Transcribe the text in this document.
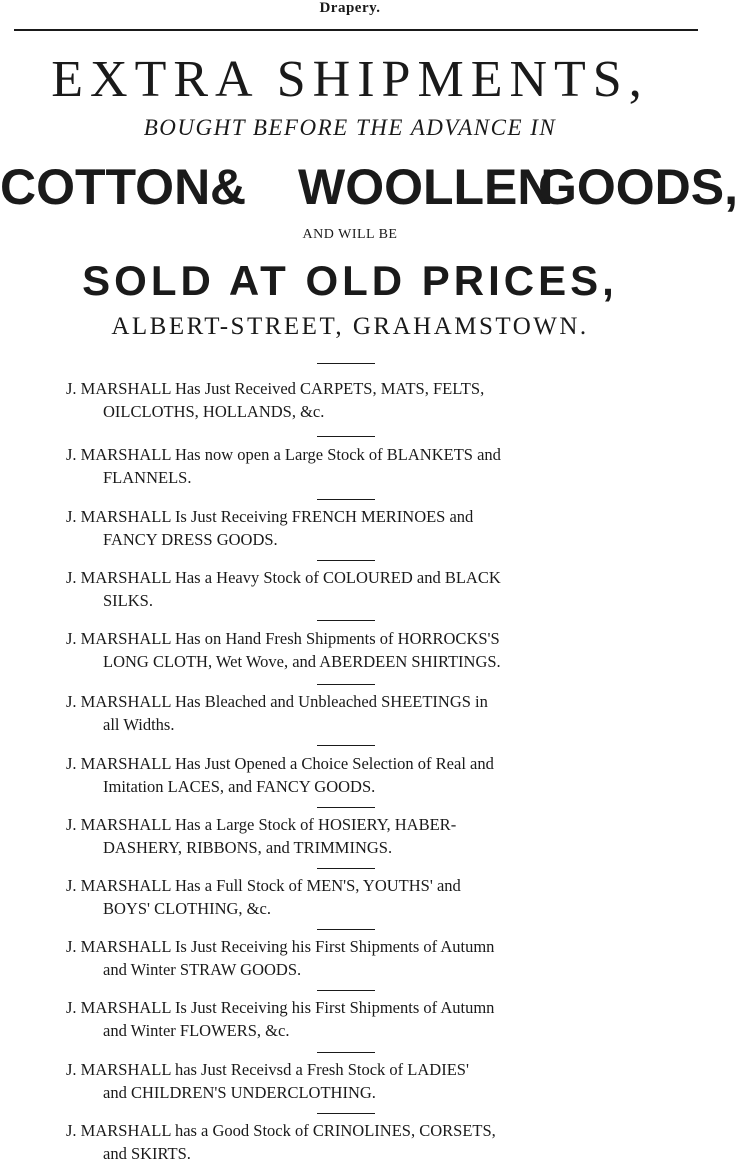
Drapery.
EXTRA SHIPMENTS,
BOUGHT BEFORE THE ADVANCE IN
COTTON & WOOLLEN
GOODS,
AND WILL BE
SOLD AT OLD PRICES,
ALBERT-STREET, GRAHAMSTOWN.
J. MARSHALL Has Just Received CARPETS, MATS, FELTS,
OILCLOTHS, HOLLANDS, &c.
J. MARSHALL Has now open a Large Stock of BLANKETS and
FLANNELS.
J. MARSHALL Is Just Receiving FRENCH MERINOES and
FANCY DRESS GOODS.
J. MARSHALL Has a Heavy Stock of COLOURED and BLACK
SILKS.
J. MARSHALL Has on Hand Fresh Shipments of HORROCKS'S
LONG CLOTH, Wet Wove, and ABERDEEN SHIRTINGS.
J. MARSHALL Has Bleached and Unbleached SHEETINGS in
all Widths.
J. MARSHALL Has Just Opened a Choice Selection of Real and
Imitation LACES, and FANCY GOODS.
J. MARSHALL Has a Large Stock of HOSIERY, HABER-
DASHERY, RIBBONS, and TRIMMINGS.
J. MARSHALL Has a Full Stock of MEN'S, YOUTHS' and
BOYS' CLOTHING, &c.
J. MARSHALL Is Just Receiving his First Shipments of Autumn
and Winter STRAW GOODS.
J. MARSHALL Is Just Receiving his First Shipments of Autumn
and Winter FLOWERS, &c.
J. MARSHALL has Just Receivsd a Fresh Stock of LADIES'
and CHILDREN'S UNDERCLOTHING.
J. MARSHALL has a Good Stock of CRINOLINES, CORSETS,
and SKIRTS.
